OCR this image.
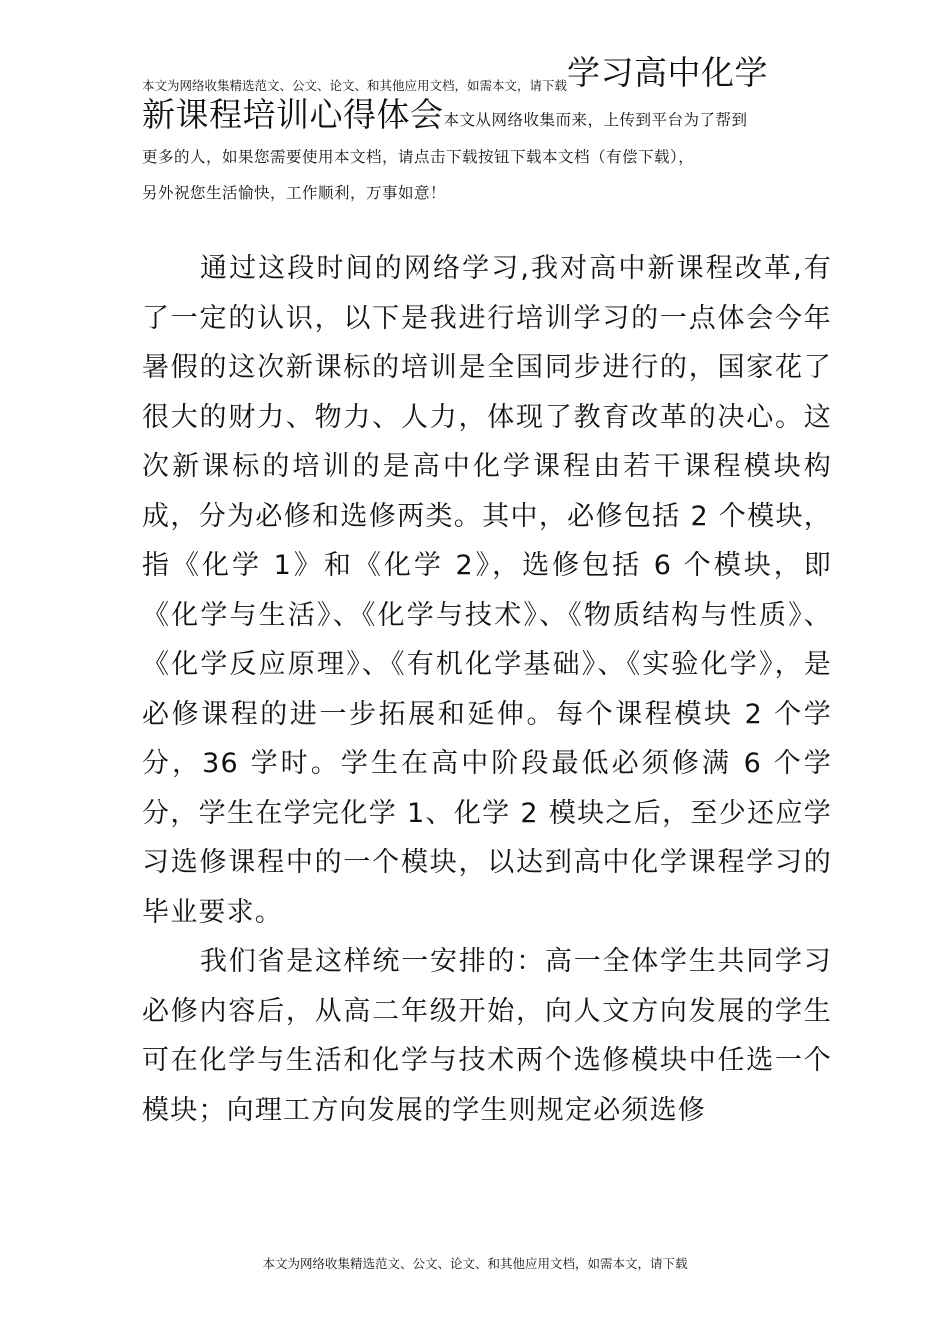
本文为网络收集精选范文、公文、论文、和其他应用文档，如需本文，请下载 学习高中化学
新课程培训心得体会 本文从网络收集而来，上传到平台为了帮到
更多的人，如果您需要使用本文档，请点击下载按钮下载本文档（有偿下载），
另外祝您生活愉快，工作顺利，万事如意！

通过这段时间的网络学习,我对高中新课程改革,有了一定的认识，以下是我进行培训学习的一点体会今年暑假的这次新课标的培训是全国同步进行的，国家花了很大的财力、物力、人力，体现了教育改革的决心。这次新课标的培训的是高中化学课程由若干课程模块构成，分为必修和选修两类。其中，必修包括 2 个模块，指《化学 1》和《化学 2》，选修包括 6 个模块，即《化学与生活》、《化学与技术》、《物质结构与性质》、《化学反应原理》、《有机化学基础》、《实验化学》，是必修课程的进一步拓展和延伸。每个课程模块 2 个学分，36 学时。学生在高中阶段最低必须修满 6 个学分，学生在学完化学 1、化学 2 模块之后，至少还应学习选修课程中的一个模块，以达到高中化学课程学习的毕业要求。

我们省是这样统一安排的：高一全体学生共同学习必修内容后，从高二年级开始，向人文方向发展的学生可在化学与生活和化学与技术两个选修模块中任选一个模块；向理工方向发展的学生则规定必须选修

本文为网络收集精选范文、公文、论文、和其他应用文档，如需本文，请下载
